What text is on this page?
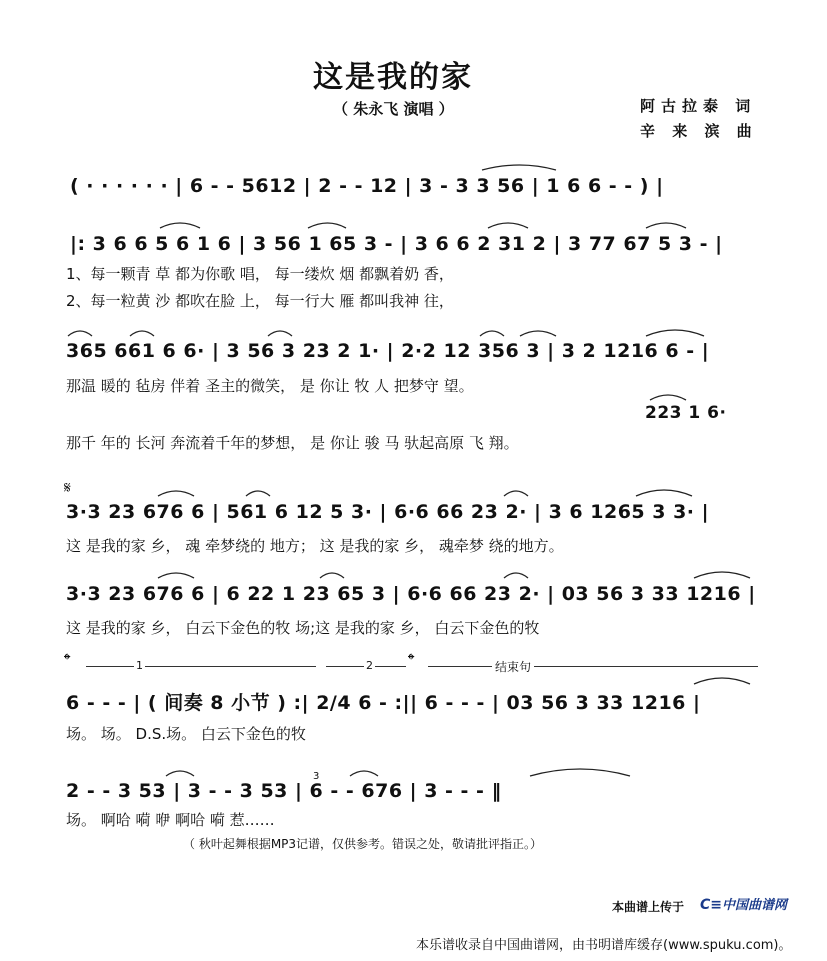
这是我的家
（ 朱永飞 演唱 ）	阿古拉泰 词
辛 来 滨 曲
( · · · · · · | 6 - - 5612 | 2 - - 12 | 3 - 3 3 56 | 1 6 6 - - ) |
|: 3 6 6 5 6 1 6 | 3 56 1 65 3 - | 3 6 6 2 31 2 | 3 77 67 5 3 - |
1、每一颗青 草 都为你歌 唱， 每一缕炊 烟 都飘着奶 香，
2、每一粒黄 沙 都吹在脸 上， 每一行大 雁 都叫我神 往，
365 661 6 6· | 3 56 3 23 2 1· | 2·2 12 356 3 | 3 2 1216 6 - |
那温 暖的 毡房 伴着 圣主的微笑， 是 你让 牧 人 把梦守 望。
223 1 6·
那千 年的 长河 奔流着千年的梦想， 是 你让 骏 马 驮起高原 飞 翔。
𝄋
3·3 23 676 6 | 561 6 12 5 3· | 6·6 66 23 2· | 3 6 1265 3 3· |
这 是我的家 乡， 魂 牵梦绕的 地方； 这 是我的家 乡， 魂牵梦 绕的地方。
3·3 23 676 6 | 6 22 1 23 65 3 | 6·6 66 23 2· | 03 56 3 33 1216 |
这 是我的家 乡， 白云下金色的牧 场;这 是我的家 乡， 白云下金色的牧
𝄌	𝄌
1	2	结束句
6 - - - | ( 间奏 8 小节 ) :| 2/4 6 - :|| 6 - - - | 03 56 3 33 1216 |
场。 场。 D.S.场。 白云下金色的牧
3
2 - - 3 53 | 3 - - 3 53 | 6 - - 676 | 3 - - - ‖
场。 啊哈 嗬 咿 啊哈 嗬 惹……
（ 秋叶起舞根据MP3记谱，仅供参考。错误之处，敬请批评指正。）
本曲谱上传于 C≡中国曲谱网
本乐谱收录自中国曲谱网，由书明谱库缓存(www.spuku.com)。
